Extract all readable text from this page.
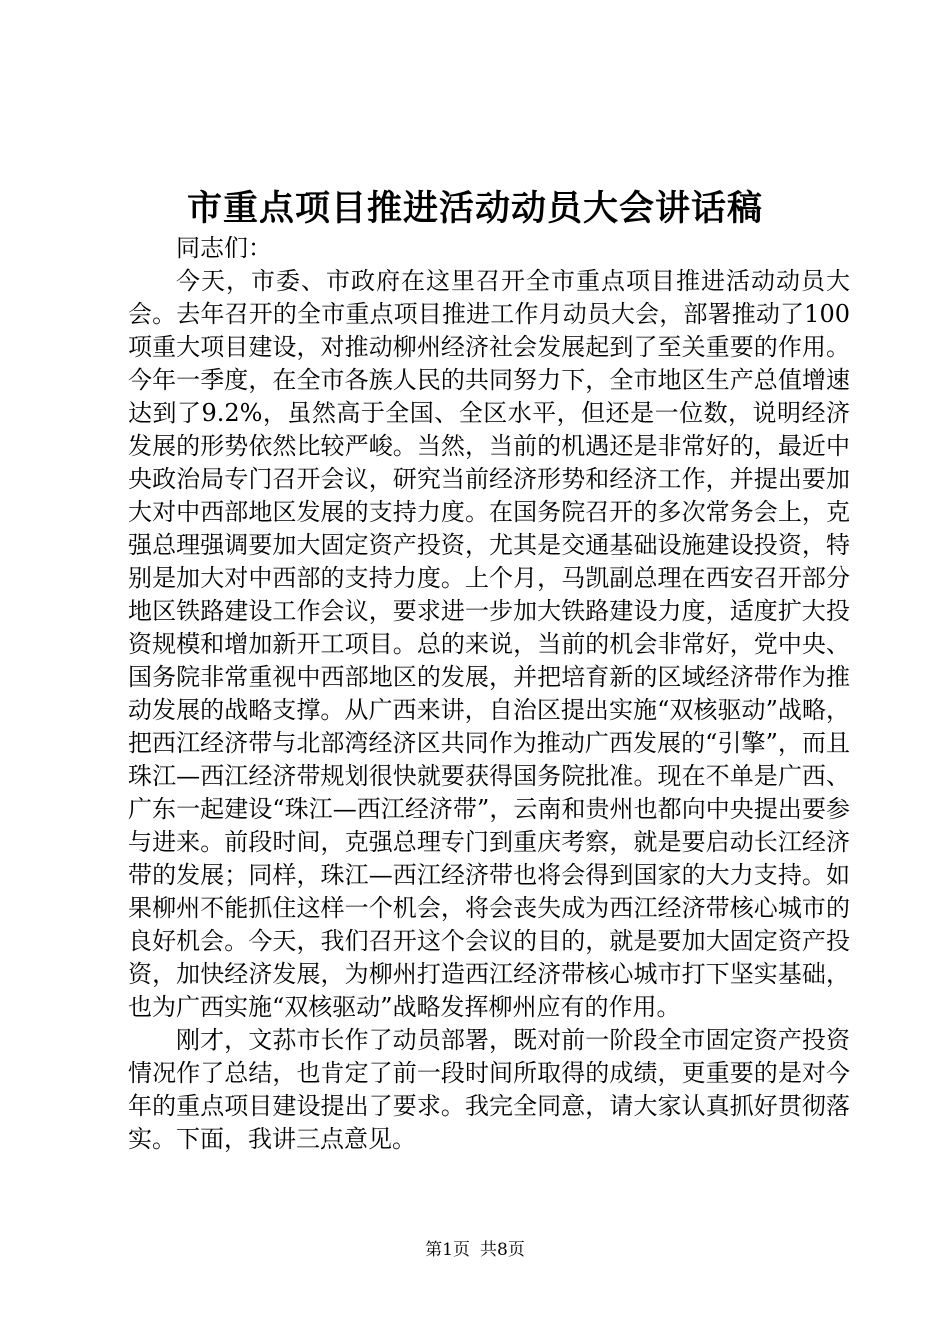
市重点项目推进活动动员大会讲话稿

同志们：

今天，市委、市政府在这里召开全市重点项目推进活动动员大会。去年召开的全市重点项目推进工作月动员大会，部署推动了100项重大项目建设，对推动柳州经济社会发展起到了至关重要的作用。今年一季度，在全市各族人民的共同努力下，全市地区生产总值增速达到了9.2%，虽然高于全国、全区水平，但还是一位数，说明经济发展的形势依然比较严峻。当然，当前的机遇还是非常好的，最近中央政治局专门召开会议，研究当前经济形势和经济工作，并提出要加大对中西部地区发展的支持力度。在国务院召开的多次常务会上，克强总理强调要加大固定资产投资，尤其是交通基础设施建设投资，特别是加大对中西部的支持力度。上个月，马凯副总理在西安召开部分地区铁路建设工作会议，要求进一步加大铁路建设力度，适度扩大投资规模和增加新开工项目。总的来说，当前的机会非常好，党中央、国务院非常重视中西部地区的发展，并把培育新的区域经济带作为推动发展的战略支撑。从广西来讲，自治区提出实施“双核驱动”战略，把西江经济带与北部湾经济区共同作为推动广西发展的“引擎”，而且珠江—西江经济带规划很快就要获得国务院批准。现在不单是广西、广东一起建设“珠江—西江经济带”，云南和贵州也都向中央提出要参与进来。前段时间，克强总理专门到重庆考察，就是要启动长江经济带的发展；同样，珠江—西江经济带也将会得到国家的大力支持。如果柳州不能抓住这样一个机会，将会丧失成为西江经济带核心城市的良好机会。今天，我们召开这个会议的目的，就是要加大固定资产投资，加快经济发展，为柳州打造西江经济带核心城市打下坚实基础，也为广西实施“双核驱动”战略发挥柳州应有的作用。

刚才，文荪市长作了动员部署，既对前一阶段全市固定资产投资情况作了总结，也肯定了前一段时间所取得的成绩，更重要的是对今年的重点项目建设提出了要求。我完全同意，请大家认真抓好贯彻落实。下面，我讲三点意见。

第1页 共8页
